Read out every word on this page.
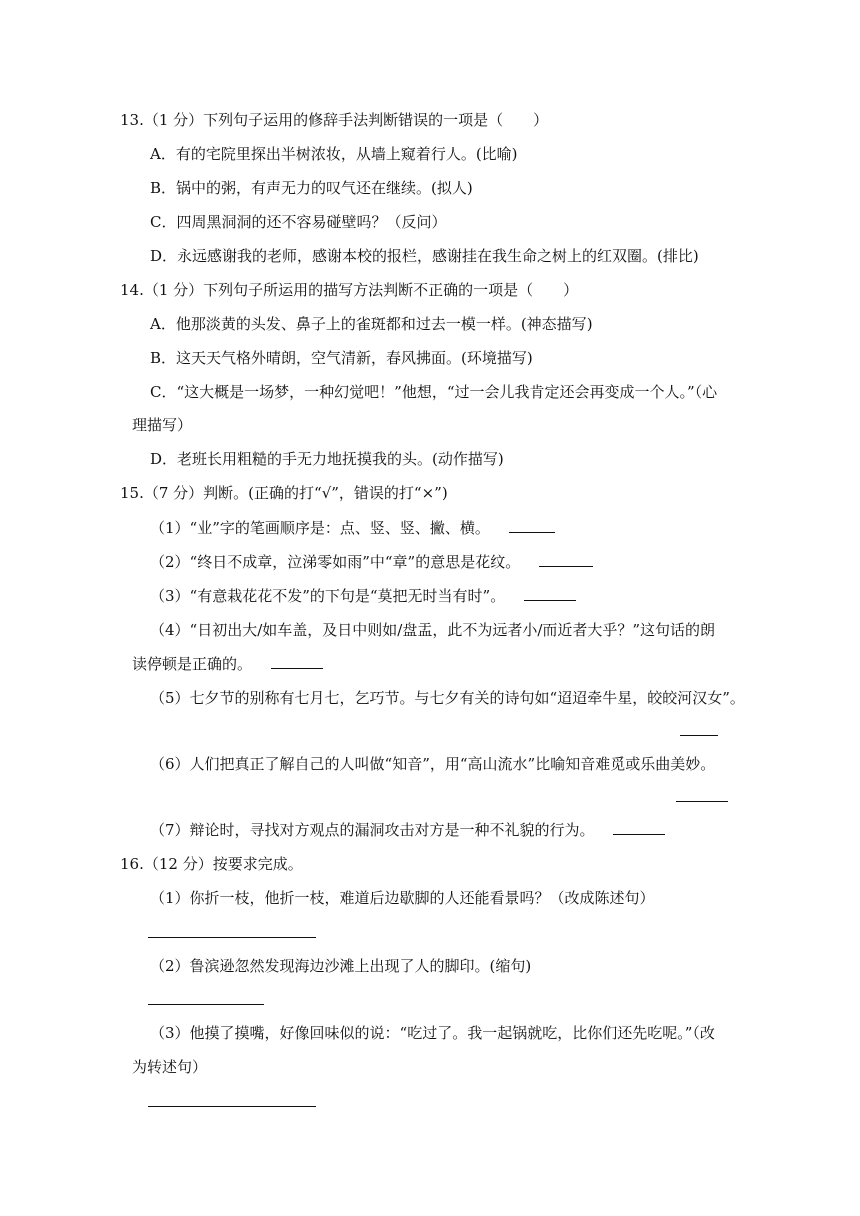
13.（1 分）下列句子运用的修辞手法判断错误的一项是（　　）
A．有的宅院里探出半树浓妆，从墙上窥着行人。(比喻)
B．锅中的粥，有声无力的叹气还在继续。(拟人)
C．四周黑洞洞的还不容易碰壁吗？（反问）
D．永远感谢我的老师，感谢本校的报栏，感谢挂在我生命之树上的红双圈。(排比)
14.（1 分）下列句子所运用的描写方法判断不正确的一项是（　　）
A．他那淡黄的头发、鼻子上的雀斑都和过去一模一样。(神态描写)
B．这天天气格外晴朗，空气清新，春风拂面。(环境描写)
C．“这大概是一场梦，一种幻觉吧！”他想，“过一会儿我肯定还会再变成一个人。”（心
理描写）
D．老班长用粗糙的手无力地抚摸我的头。(动作描写)
15.（7 分）判断。(正确的打“√”，错误的打“×”)
（1）“业”字的笔画顺序是：点、竖、竖、撇、横。
（2）“终日不成章，泣涕零如雨”中“章”的意思是花纹。
（3）“有意栽花花不发”的下句是“莫把无时当有时”。
（4）“日初出大/如车盖，及日中则如/盘盂，此不为远者小/而近者大乎？”这句话的朗
读停顿是正确的。
（5）七夕节的别称有七月七，乞巧节。与七夕有关的诗句如“迢迢牵牛星，皎皎河汉女”。
（6）人们把真正了解自己的人叫做“知音”，用“高山流水”比喻知音难觅或乐曲美妙。
（7）辩论时，寻找对方观点的漏洞攻击对方是一种不礼貌的行为。
16.（12 分）按要求完成。
（1）你折一枝，他折一枝，难道后边歇脚的人还能看景吗？（改成陈述句）
（2）鲁滨逊忽然发现海边沙滩上出现了人的脚印。(缩句)
（3）他摸了摸嘴，好像回味似的说：“吃过了。我一起锅就吃，比你们还先吃呢。”（改
为转述句）
